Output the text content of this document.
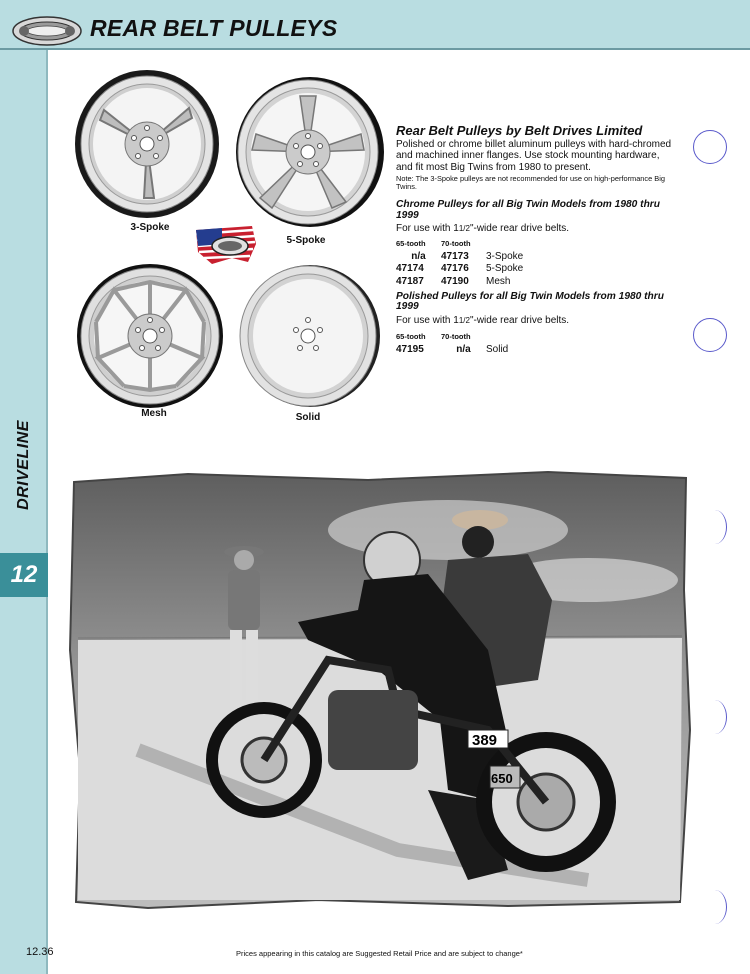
REAR BELT PULLEYS
DRIVELINE
12
3-Spoke
5-Spoke
Mesh	Solid
Rear Belt Pulleys by Belt Drives Limited
Polished or chrome billet aluminum pulleys with hard-chromed and machined inner flanges. Use stock mounting hardware, and fit most Big Twins from 1980 to present.
Note: The 3-Spoke pulleys are not recommended for use on high-performance Big Twins.
Chrome Pulleys for all Big Twin Models from 1980 thru 1999
For use with 11/2"-wide rear drive belts.
65-tooth	70-tooth	
n/a	47173	3-Spoke
47174	47176	5-Spoke
47187	47190	Mesh
Polished Pulleys for all Big Twin Models from 1980 thru 1999
For use with 11/2"-wide rear drive belts.
65-tooth	70-tooth	
47195	n/a	Solid
389
650
12.36	Prices appearing in this catalog are Suggested Retail Price and are subject to change*
